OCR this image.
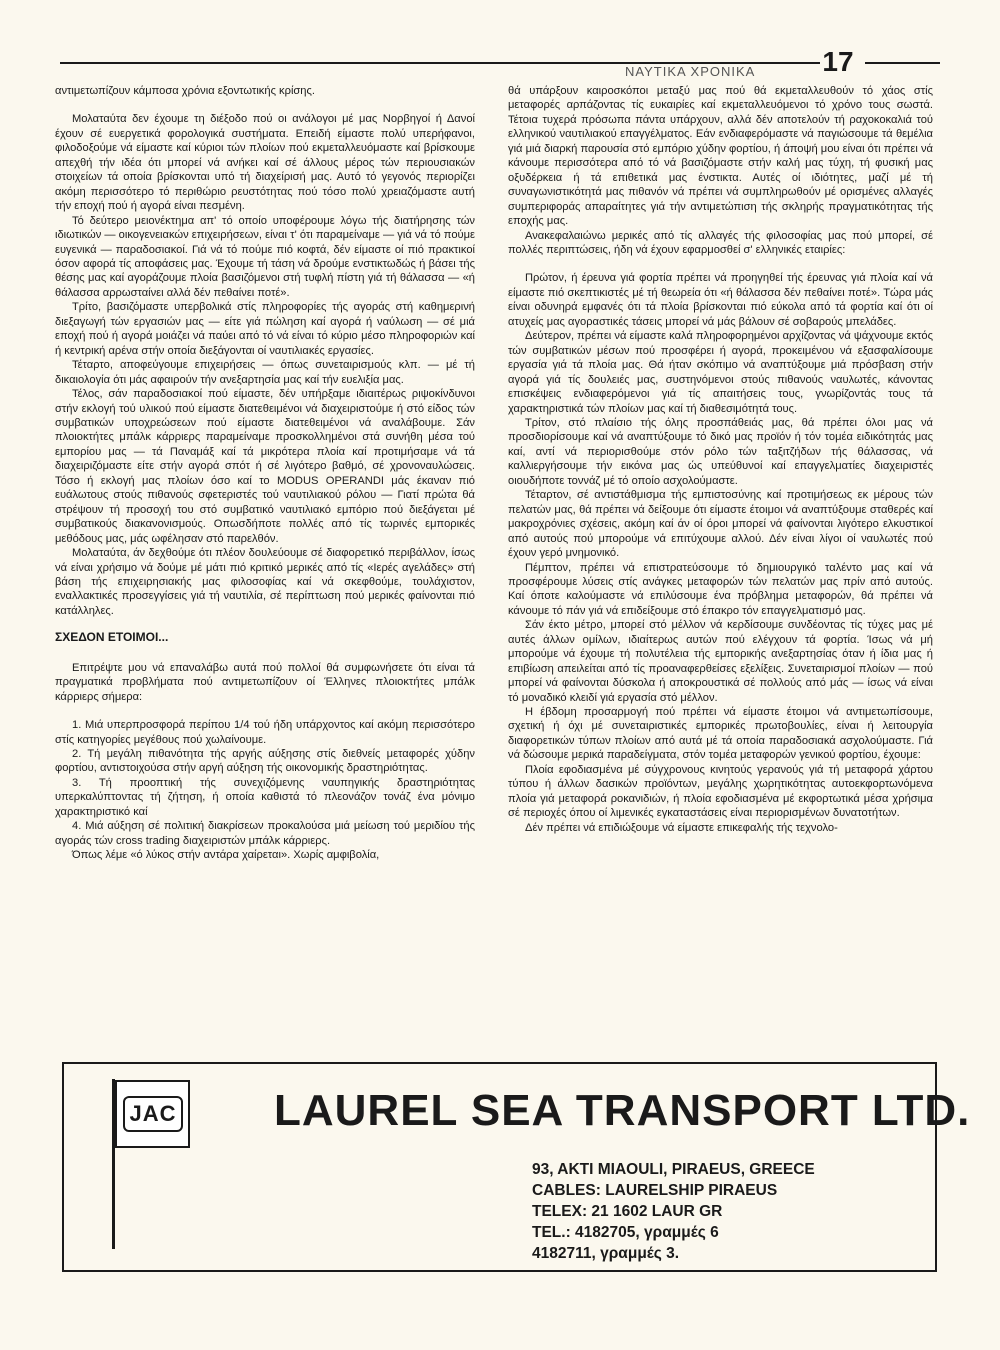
ΝΑΥΤΙΚΑ ΧΡΟΝΙΚΑ	17

αντιμετωπίζουν κάμποσα χρόνια εξοντωτικής κρίσης.

Μολαταύτα δεν έχουμε τη διέξοδο πού οι ανάλογοι μέ μας Νορβηγοί ή Δανοί έχουν σέ ευεργετικά φορολογικά συστήματα. Επειδή είμαστε πολύ υπερήφανοι, φιλοδοξούμε νά είμαστε καί κύριοι τών πλοίων πού εκμεταλλευόμαστε καί βρίσκουμε απεχθή τήν ιδέα ότι μπορεί νά ανήκει καί σέ άλλους μέρος τών περιουσιακών στοιχείων τά οποία βρίσκονται υπό τή διαχείρισή μας. Αυτό τό γεγονός περιορίζει ακόμη περισσότερο τό περιθώριο ρευστότητας πού τόσο πολύ χρειαζόμαστε αυτή τήν εποχή πού ή αγορά είναι πεσμένη.

Τό δεύτερο μειονέκτημα απ' τό οποίο υποφέρουμε λόγω τής διατήρησης τών ιδιωτικών — οικογενειακών επιχειρήσεων, είναι τ' ότι παραμείναμε — γιά νά τό πούμε ευγενικά — παραδοσιακοί. Γιά νά τό πούμε πιό κοφτά, δέν είμαστε οί πιό πρακτικοί όσον αφορά τίς αποφάσεις μας. Έχουμε τή τάση νά δρούμε ενστικτωδώς ή βάσει τής θέσης μας καί αγοράζουμε πλοία βασιζόμενοι στή τυφλή πίστη γιά τή θάλασσα — «ή θάλασσα αρρωσταίνει αλλά δέν πεθαίνει ποτέ».

Τρίτο, βασιζόμαστε υπερβολικά στίς πληροφορίες τής αγοράς στή καθημερινή διεξαγωγή τών εργασιών μας — είτε γιά πώληση καί αγορά ή ναύλωση — σέ μιά εποχή πού ή αγορά μοιάζει νά παύει από τό νά είναι τό κύριο μέσο πληροφοριών καί ή κεντρική αρένα στήν οποία διεξάγονται οί ναυτιλιακές εργασίες.

Τέταρτο, αποφεύγουμε επιχειρήσεις — όπως συνεταιρισμούς κλπ. — μέ τή δικαιολογία ότι μάς αφαιρούν τήν ανεξαρτησία μας καί τήν ευελιξία μας.

Τέλος, σάν παραδοσιακοί πού είμαστε, δέν υπήρξαμε ιδιαιτέρως ριψοκίνδυνοι στήν εκλογή τού υλικού πού είμαστε διατεθειμένοι νά διαχειριστούμε ή στό είδος τών συμβατικών υποχρεώσεων πού είμαστε διατεθειμένοι νά αναλάβουμε. Σάν πλοιοκτήτες μπάλκ κάρριερς παραμείναμε προσκολλημένοι στά συνήθη μέσα τού εμπορίου μας — τά Παναμάξ καί τά μικρότερα πλοία καί προτιμήσαμε νά τά διαχειριζόμαστε είτε στήν αγορά σπότ ή σέ λιγότερο βαθμό, σέ χρονοναυλώσεις. Τόσο ή εκλογή μας πλοίων όσο καί το MODUS OPERANDI μάς έκαναν πιό ευάλωτους στούς πιθανούς σφετεριστές τού ναυτιλιακού ρόλου — Γιατί πρώτα θά στρέψουν τή προσοχή του στό συμβατικό ναυτιλιακό εμπόριο πού διεξάγεται μέ συμβατικούς διακανονισμούς. Οπωσδήποτε πολλές από τίς τωρινές εμπορικές μεθόδους μας, μάς ωφέλησαν στό παρελθόν.

Μολαταύτα, άν δεχθούμε ότι πλέον δουλεύουμε σέ διαφορετικό περιβάλλον, ίσως νά είναι χρήσιμο νά δούμε μέ μάτι πιό κριτικό μερικές από τίς «Ιερές αγελάδες» στή βάση τής επιχειρησιακής μας φιλοσοφίας καί νά σκεφθούμε, τουλάχιστον, εναλλακτικές προσεγγίσεις γιά τή ναυτιλία, σέ περίπτωση πού μερικές φαίνονται πιό κατάλληλες.

ΣΧΕΔΟΝ ΕΤΟΙΜΟΙ...

Επιτρέψτε μου νά επαναλάβω αυτά πού πολλοί θά συμφωνήσετε ότι είναι τά πραγματικά προβλήματα πού αντιμετωπίζουν οί Έλληνες πλοιοκτήτες μπάλκ κάρριερς σήμερα:

1. Μιά υπερπροσφορά περίπου 1/4 τού ήδη υπάρχοντος καί ακόμη περισσότερο στίς κατηγορίες μεγέθους πού χωλαίνουμε.

2. Τή μεγάλη πιθανότητα τής αργής αύξησης στίς διεθνείς μεταφορές χύδην φορτίου, αντιστοιχούσα στήν αργή αύξηση τής οικονομικής δραστηριότητας.

3. Τή προοπτική τής συνεχιζόμενης ναυπηγικής δραστηριότητας υπερκαλύπτοντας τή ζήτηση, ή οποία καθιστά τό πλεονάζον τονάζ ένα μόνιμο χαρακτηριστικό καί

4. Μιά αύξηση σέ πολιτική διακρίσεων προκαλούσα μιά μείωση τού μεριδίου τής αγοράς τών cross trading διαχειριστών μπάλκ κάρριερς.

Όπως λέμε «ό λύκος στήν αντάρα χαίρεται». Χωρίς αμφιβολία,

θά υπάρξουν καιροσκόποι μεταξύ μας πού θά εκμεταλλευθούν τό χάος στίς μεταφορές αρπάζοντας τίς ευκαιρίες καί εκμεταλλευόμενοι τό χρόνο τους σωστά. Τέτοια τυχερά πρόσωπα πάντα υπάρχουν, αλλά δέν αποτελούν τή ραχοκοκαλιά τού ελληνικού ναυτιλιακού επαγγέλματος. Εάν ενδιαφερόμαστε νά παγιώσουμε τά θεμέλια γιά μιά διαρκή παρουσία στό εμπόριο χύδην φορτίου, ή άποψή μου είναι ότι πρέπει νά κάνουμε περισσότερα από τό νά βασιζόμαστε στήν καλή μας τύχη, τή φυσική μας οξυδέρκεια ή τά επιθετικά μας ένστικτα. Αυτές οί ιδιότητες, μαζί μέ τή συναγωνιστικότητά μας πιθανόν νά πρέπει νά συμπληρωθούν μέ ορισμένες αλλαγές συμπεριφοράς απαραίτητες γιά τήν αντιμετώπιση τής σκληρής πραγματικότητας τής εποχής μας.

Ανακεφαλαιώνω μερικές από τίς αλλαγές τής φιλοσοφίας μας πού μπορεί, σέ πολλές περιπτώσεις, ήδη νά έχουν εφαρμοσθεί σ' ελληνικές εταιρίες:

Πρώτον, ή έρευνα γιά φορτία πρέπει νά προηγηθεί τής έρευνας γιά πλοία καί νά είμαστε πιό σκεπτικιστές μέ τή θεωρεία ότι «ή θάλασσα δέν πεθαίνει ποτέ». Τώρα μάς είναι οδυνηρά εμφανές ότι τά πλοία βρίσκονται πιό εύκολα από τά φορτία καί ότι οί ατυχείς μας αγοραστικές τάσεις μπορεί νά μάς βάλουν σέ σοβαρούς μπελάδες.

Δεύτερον, πρέπει νά είμαστε καλά πληροφορημένοι αρχίζοντας νά ψάχνουμε εκτός τών συμβατικών μέσων πού προσφέρει ή αγορά, προκειμένου νά εξασφαλίσουμε εργασία γιά τά πλοία μας. Θά ήταν σκόπιμο νά αναπτύξουμε μιά πρόσβαση στήν αγορά γιά τίς δουλειές μας, συστηνόμενοι στούς πιθανούς ναυλωτές, κάνοντας επισκέψεις ενδιαφερόμενοι γιά τίς απαιτήσεις τους, γνωρίζοντάς τους τά χαρακτηριστικά τών πλοίων μας καί τή διαθεσιμότητά τους.

Τρίτον, στό πλαίσιο τής όλης προσπάθειάς μας, θά πρέπει όλοι μας νά προσδιορίσουμε καί νά αναπτύξουμε τό δικό μας προϊόν ή τόν τομέα ειδικότητάς μας καί, αντί νά περιορισθούμε στόν ρόλο τών ταξιτζήδων τής θάλασσας, νά καλλιεργήσουμε τήν εικόνα μας ώς υπεύθυνοί καί επαγγελματίες διαχειριστές οιουδήποτε τοννάζ μέ τό οποίο ασχολούμαστε.

Τέταρτον, σέ αντιστάθμισμα τής εμπιστοσύνης καί προτιμήσεως εκ μέρους τών πελατών μας, θά πρέπει νά δείξουμε ότι είμαστε έτοιμοι νά αναπτύξουμε σταθερές καί μακροχρόνιες σχέσεις, ακόμη καί άν οί όροι μπορεί νά φαίνονται λιγότερο ελκυστικοί από αυτούς πού μπορούμε νά επιτύχουμε αλλού. Δέν είναι λίγοι οί ναυλωτές πού έχουν γερό μνημονικό.

Πέμπτον, πρέπει νά επιστρατεύσουμε τό δημιουργικό ταλέντο μας καί νά προσφέρουμε λύσεις στίς ανάγκες μεταφορών τών πελατών μας πρίν από αυτούς. Καί όποτε καλούμαστε νά επιλύσουμε ένα πρόβλημα μεταφορών, θά πρέπει νά κάνουμε τό πάν γιά νά επιδείξουμε στό έπακρο τόν επαγγελματισμό μας.

Σάν έκτο μέτρο, μπορεί στό μέλλον νά κερδίσουμε συνδέοντας τίς τύχες μας μέ αυτές άλλων ομίλων, ιδιαίτερως αυτών πού ελέγχουν τά φορτία. Ίσως νά μή μπορούμε νά έχουμε τή πολυτέλεια τής εμπορικής ανεξαρτησίας όταν ή ίδια μας ή επιβίωση απειλείται από τίς προαναφερθείσες εξελίξεις. Συνεταιρισμοί πλοίων — πού μπορεί νά φαίνονται δύσκολα ή αποκρουστικά σέ πολλούς από μάς — ίσως νά είναι τό μοναδικό κλειδί γιά εργασία στό μέλλον.

Η έβδομη προσαρμογή πού πρέπει νά είμαστε έτοιμοι νά αντιμετωπίσουμε, σχετική ή όχι μέ συνεταιριστικές εμπορικές πρωτοβουλίες, είναι ή λειτουργία διαφορετικών τύπων πλοίων από αυτά μέ τά οποία παραδοσιακά ασχολούμαστε. Γιά νά δώσουμε μερικά παραδείγματα, στόν τομέα μεταφορών γενικού φορτίου, έχουμε:

Πλοία εφοδιασμένα μέ σύγχρονους κινητούς γερανούς γιά τή μεταφορά χάρτου τύπου ή άλλων δασικών προϊόντων, μεγάλης χωρητικότητας αυτοεκφορτωνόμενα πλοία γιά μεταφορά ροκανιδιών, ή πλοία εφοδιασμένα μέ εκφορτωτικά μέσα χρήσιμα σέ περιοχές όπου οί λιμενικές εγκαταστάσεις είναι περιορισμένων δυνατοτήτων.

Δέν πρέπει νά επιδιώξουμε νά είμαστε επικεφαλής τής τεχνολο-

JAC LAUREL SEA TRANSPORT LTD.
93, AKTI MIAOULI, PIRAEUS, GREECE
CABLES: LAURELSHIP PIRAEUS
TELEX: 21 1602 LAUR GR
TEL.: 4182705, γραμμές 6
4182711, γραμμές 3.
